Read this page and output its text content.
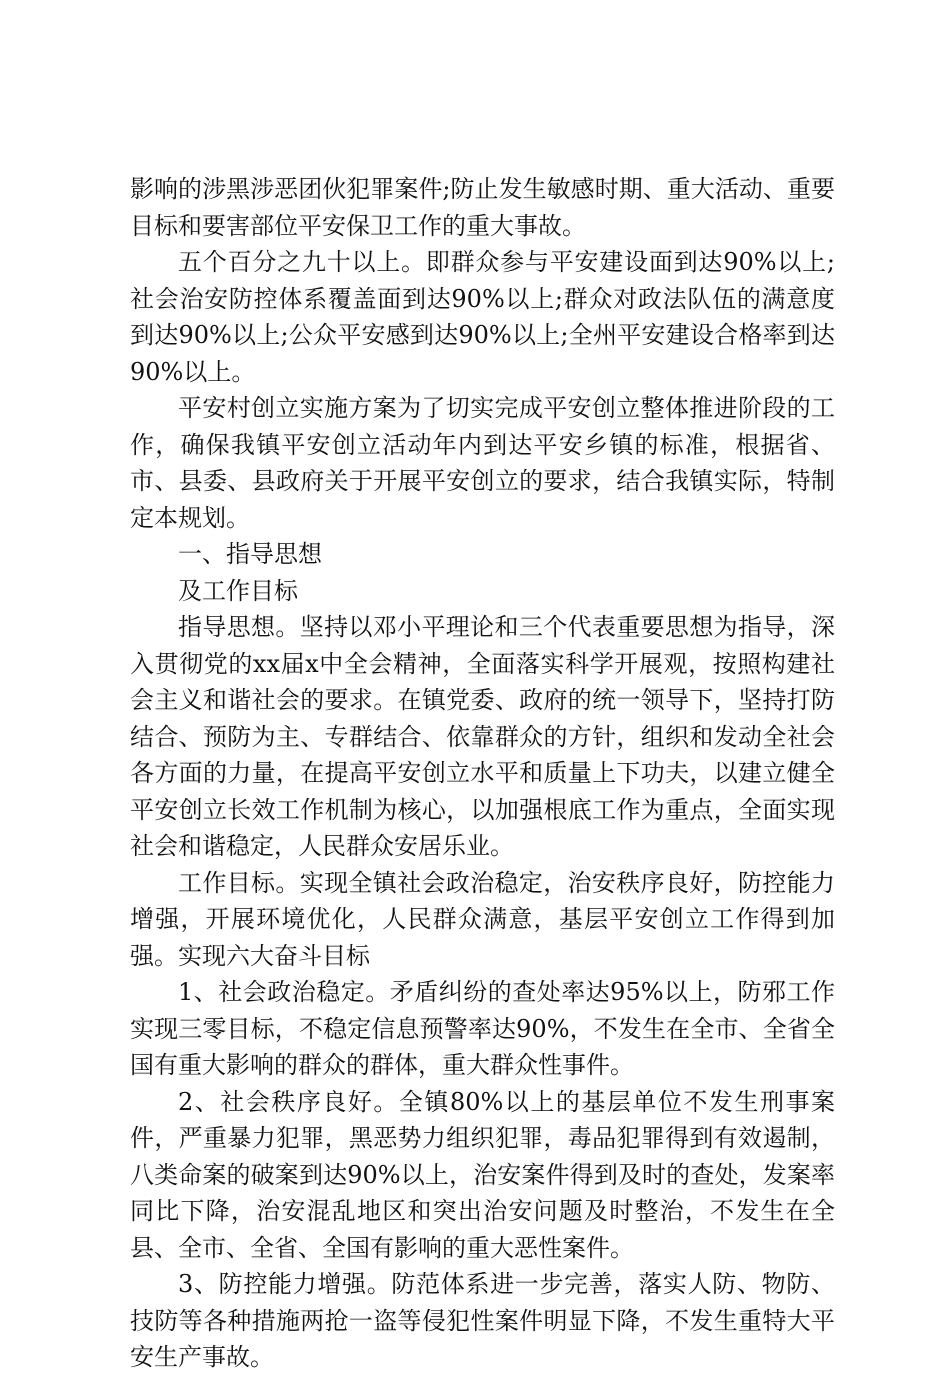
影响的涉黑涉恶团伙犯罪案件;防止发生敏感时期、重大活动、重要目标和要害部位平安保卫工作的重大事故。

五个百分之九十以上。即群众参与平安建设面到达90%以上;社会治安防控体系覆盖面到达90%以上;群众对政法队伍的满意度到达90%以上;公众平安感到达90%以上;全州平安建设合格率到达90%以上。

平安村创立实施方案为了切实完成平安创立整体推进阶段的工作，确保我镇平安创立活动年内到达平安乡镇的标准，根据省、市、县委、县政府关于开展平安创立的要求，结合我镇实际，特制定本规划。

一、指导思想

及工作目标

指导思想。坚持以邓小平理论和三个代表重要思想为指导，深入贯彻党的xx届x中全会精神，全面落实科学开展观，按照构建社会主义和谐社会的要求。在镇党委、政府的统一领导下，坚持打防结合、预防为主、专群结合、依靠群众的方针，组织和发动全社会各方面的力量，在提高平安创立水平和质量上下功夫，以建立健全平安创立长效工作机制为核心，以加强根底工作为重点，全面实现社会和谐稳定，人民群众安居乐业。

工作目标。实现全镇社会政治稳定，治安秩序良好，防控能力增强，开展环境优化，人民群众满意，基层平安创立工作得到加强。实现六大奋斗目标

1、社会政治稳定。矛盾纠纷的查处率达95%以上，防邪工作实现三零目标，不稳定信息预警率达90%，不发生在全市、全省全国有重大影响的群众的群体，重大群众性事件。

2、社会秩序良好。全镇80%以上的基层单位不发生刑事案件，严重暴力犯罪，黑恶势力组织犯罪，毒品犯罪得到有效遏制，八类命案的破案到达90%以上，治安案件得到及时的查处，发案率同比下降，治安混乱地区和突出治安问题及时整治，不发生在全县、全市、全省、全国有影响的重大恶性案件。

3、防控能力增强。防范体系进一步完善，落实人防、物防、技防等各种措施两抢一盗等侵犯性案件明显下降，不发生重特大平安生产事故。
